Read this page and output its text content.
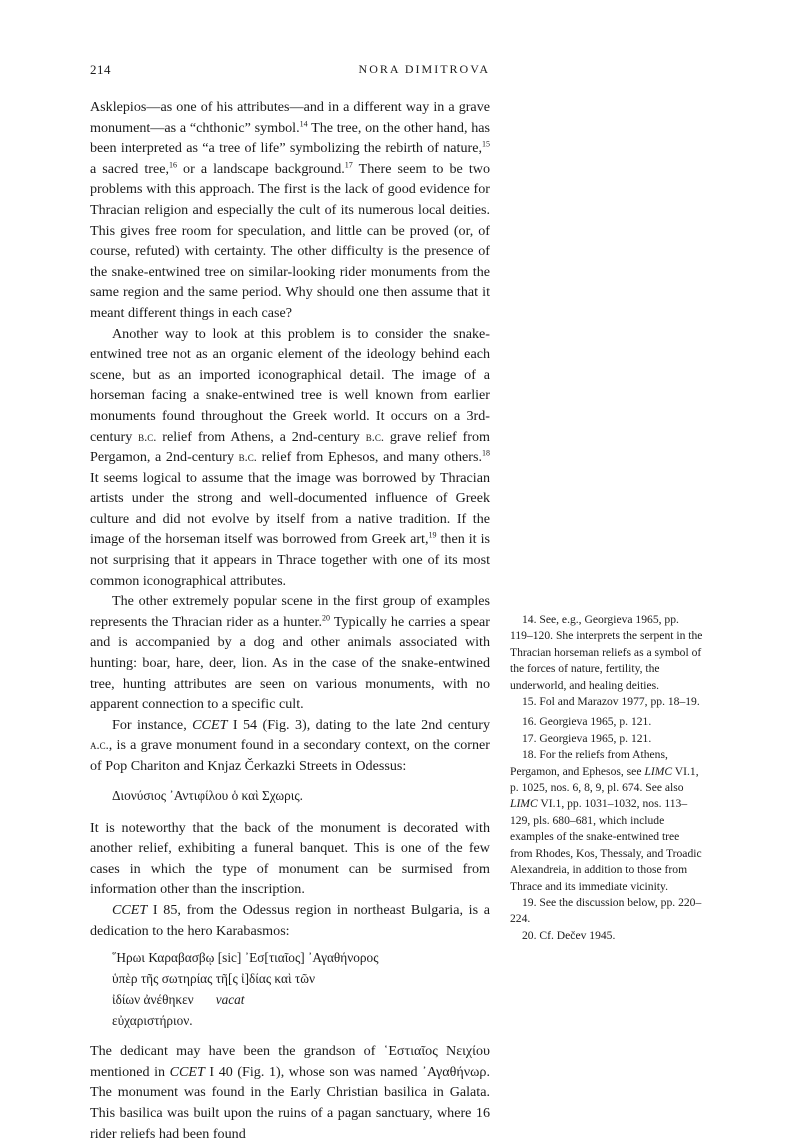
214	NORA DIMITROVA

Asklepios—as one of his attributes—and in a different way in a grave monument—as a “chthonic” symbol.$^{14}$ The tree, on the other hand, has been interpreted as “a tree of life” symbolizing the rebirth of nature,$^{15}$ a sacred tree,$^{16}$ or a landscape background.$^{17}$ There seem to be two problems with this approach. The first is the lack of good evidence for Thracian religion and especially the cult of its numerous local deities. This gives free room for speculation, and little can be proved (or, of course, refuted) with certainty. The other difficulty is the presence of the snake-entwined tree on similar-looking rider monuments from the same region and the same period. Why should one then assume that it meant different things in each case?

Another way to look at this problem is to consider the snake-entwined tree not as an organic element of the ideology behind each scene, but as an imported iconographical detail. The image of a horseman facing a snake-entwined tree is well known from earlier monuments found throughout the Greek world. It occurs on a 3rd-century b.c. relief from Athens, a 2nd-century b.c. grave relief from Pergamon, a 2nd-century b.c. relief from Ephesos, and many others.$^{18}$ It seems logical to assume that the image was borrowed by Thracian artists under the strong and well-documented influence of Greek culture and did not evolve by itself from a native tradition. If the image of the horseman itself was borrowed from Greek art,$^{19}$ then it is not surprising that it appears in Thrace together with one of its most common iconographical attributes.

The other extremely popular scene in the first group of examples represents the Thracian rider as a hunter.$^{20}$ Typically he carries a spear and is accompanied by a dog and other animals associated with hunting: boar, hare, deer, lion. As in the case of the snake-entwined tree, hunting attributes are seen on various monuments, with no apparent connection to a specific cult.

For instance, CCET I 54 (Fig. 3), dating to the late 2nd century a.c., is a grave monument found in a secondary context, on the corner of Pop Chariton and Knjaz Čerkazki Streets in Odessus:

Διονύσιος ᾿Αντιφίλου ὁ καὶ Σχωρις.

It is noteworthy that the back of the monument is decorated with another relief, exhibiting a funeral banquet. This is one of the few cases in which the type of monument can be surmised from information other than the inscription.

CCET I 85, from the Odessus region in northeast Bulgaria, is a dedication to the hero Karabasmos:

῞Ηρωι Καραβασβῳ [sic] ᾿Εσ[τιαῖος] ᾿Αγαθήνορος
ὑπὲρ τῆς σωτηρίας τῆ[ς ἰ]δίας καὶ τῶν
ἰδίων ἀνέθηκεν vacat
εὐχαριστήριον.

The dedicant may have been the grandson of ῾Εστιαῖος Νειχίου mentioned in CCET I 40 (Fig. 1), whose son was named ᾿Αγαθήνωρ. The monument was found in the Early Christian basilica in Galata. This basilica was built upon the ruins of a pagan sanctuary, where 16 rider reliefs had been found

14. See, e.g., Georgieva 1965, pp. 119–120. She interprets the serpent in the Thracian horseman reliefs as a symbol of the forces of nature, fertility, the underworld, and healing deities.
15. Fol and Marazov 1977, pp. 18–19.
16. Georgieva 1965, p. 121.
17. Georgieva 1965, p. 121.
18. For the reliefs from Athens, Pergamon, and Ephesos, see LIMC VI.1, p. 1025, nos. 6, 8, 9, pl. 674. See also LIMC VI.1, pp. 1031–1032, nos. 113–129, pls. 680–681, which include examples of the snake-entwined tree from Rhodes, Kos, Thessaly, and Troadic Alexandreia, in addition to those from Thrace and its immediate vicinity.
19. See the discussion below, pp. 220–224.
20. Cf. Dečev 1945.
